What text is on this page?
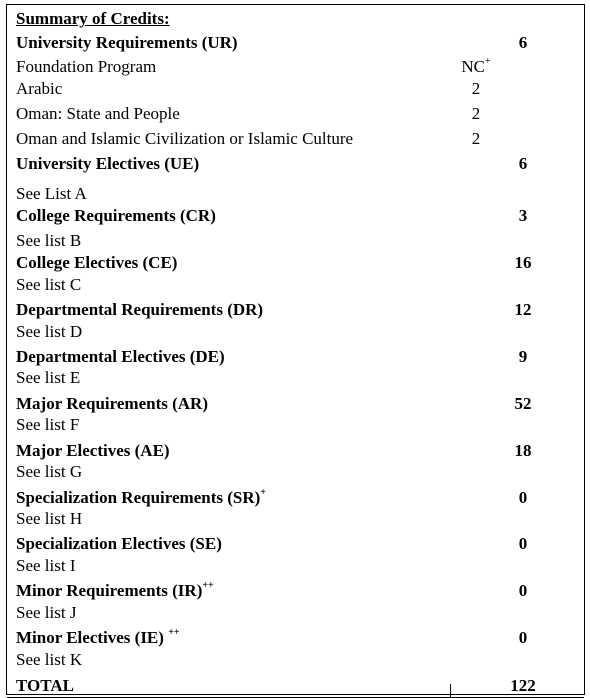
Summary of Credits:
University Requirements (UR)	6
Foundation Program	NC+
Arabic	2
Oman: State and People	2
Oman and Islamic Civilization or Islamic Culture	2
University Electives (UE)	6
See List A
College Requirements (CR)	3
See list B
College Electives (CE)	16
See list C
Departmental Requirements (DR)	12
See list D
Departmental Electives (DE)	9
See list E
Major Requirements (AR)	52
See list F
Major Electives (AE)	18
See list G
Specialization Requirements (SR)+	0
See list H
Specialization Electives (SE)	0
See list I
Minor Requirements (IR)++	0
See list J
Minor Electives (IE) ++	0
See list K
TOTAL	122
